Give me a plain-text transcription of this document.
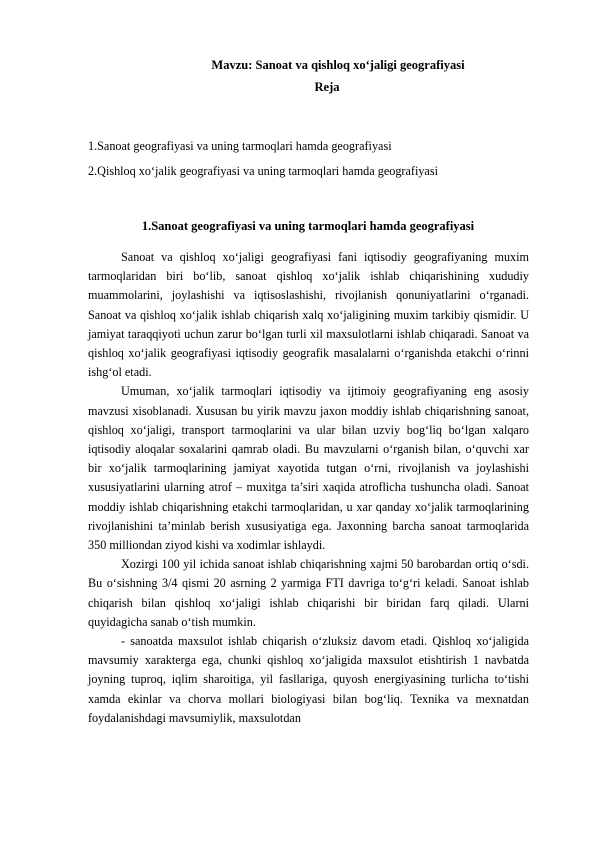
Mavzu: Sanoat va qishloq xo‘jaligi geografiyasi
Reja
1.Sanoat geografiyasi va uning tarmoqlari hamda geografiyasi
2.Qishloq xo‘jalik geografiyasi va uning tarmoqlari hamda geografiyasi
1.Sanoat geografiyasi va uning tarmoqlari hamda geografiyasi

Sanoat va qishloq xo‘jaligi geografiyasi fani iqtisodiy geografiyaning muxim tarmoqlaridan biri bo‘lib, sanoat qishloq xo‘jalik ishlab chiqarishining xududiy muammolarini, joylashishi va iqtisoslashishi, rivojlanish qonuniyatlarini o‘rganadi. Sanoat va qishloq xo‘jalik ishlab chiqarish xalq xo‘jaligining muxim tarkibiy qismidir. U jamiyat taraqqiyoti uchun zarur bo‘lgan turli xil maxsulotlarni ishlab chiqaradi. Sanoat va qishloq xo‘jalik geografiyasi iqtisodiy geografik masalalarni o‘rganishda etakchi o‘rinni ishg‘ol etadi.

Umuman, xo‘jalik tarmoqlari iqtisodiy va ijtimoiy geografiyaning eng asosiy mavzusi xisoblanadi. Xususan bu yirik mavzu jaxon moddiy ishlab chiqarishning sanoat, qishloq xo‘jaligi, transport tarmoqlarini va ular bilan uzviy bog‘liq bo‘lgan xalqaro iqtisodiy aloqalar soxalarini qamrab oladi. Bu mavzularni o‘rganish bilan, o‘quvchi xar bir xo‘jalik tarmoqlarining jamiyat xayotida tutgan o‘rni, rivojlanish va joylashishi xususiyatlarini ularning atrof – muxitga ta’siri xaqida atroflicha tushuncha oladi. Sanoat moddiy ishlab chiqarishning etakchi tarmoqlaridan, u xar qanday xo‘jalik tarmoqlarining rivojlanishini ta’minlab berish xususiyatiga ega. Jaxonning barcha sanoat tarmoqlarida 350 milliondan ziyod kishi va xodimlar ishlaydi.

Xozirgi 100 yil ichida sanoat ishlab chiqarishning xajmi 50 barobardan ortiq o‘sdi. Bu o‘sishning 3/4 qismi 20 asrning 2 yarmiga FTI davriga to‘g‘ri keladi. Sanoat ishlab chiqarish bilan qishloq xo‘jaligi ishlab chiqarishi bir biridan farq qiladi. Ularni quyidagicha sanab o‘tish mumkin.

- sanoatda maxsulot ishlab chiqarish o‘zluksiz davom etadi. Qishloq xo‘jaligida mavsumiy xarakterga ega, chunki qishloq xo‘jaligida maxsulot etishtirish 1 navbatda joyning tuproq, iqlim sharoitiga, yil fasllariga, quyosh energiyasining turlicha to‘tishi xamda ekinlar va chorva mollari biologiyasi bilan bog‘liq. Texnika va mexnatdan foydalanishdagi mavsumiylik, maxsulotdan
